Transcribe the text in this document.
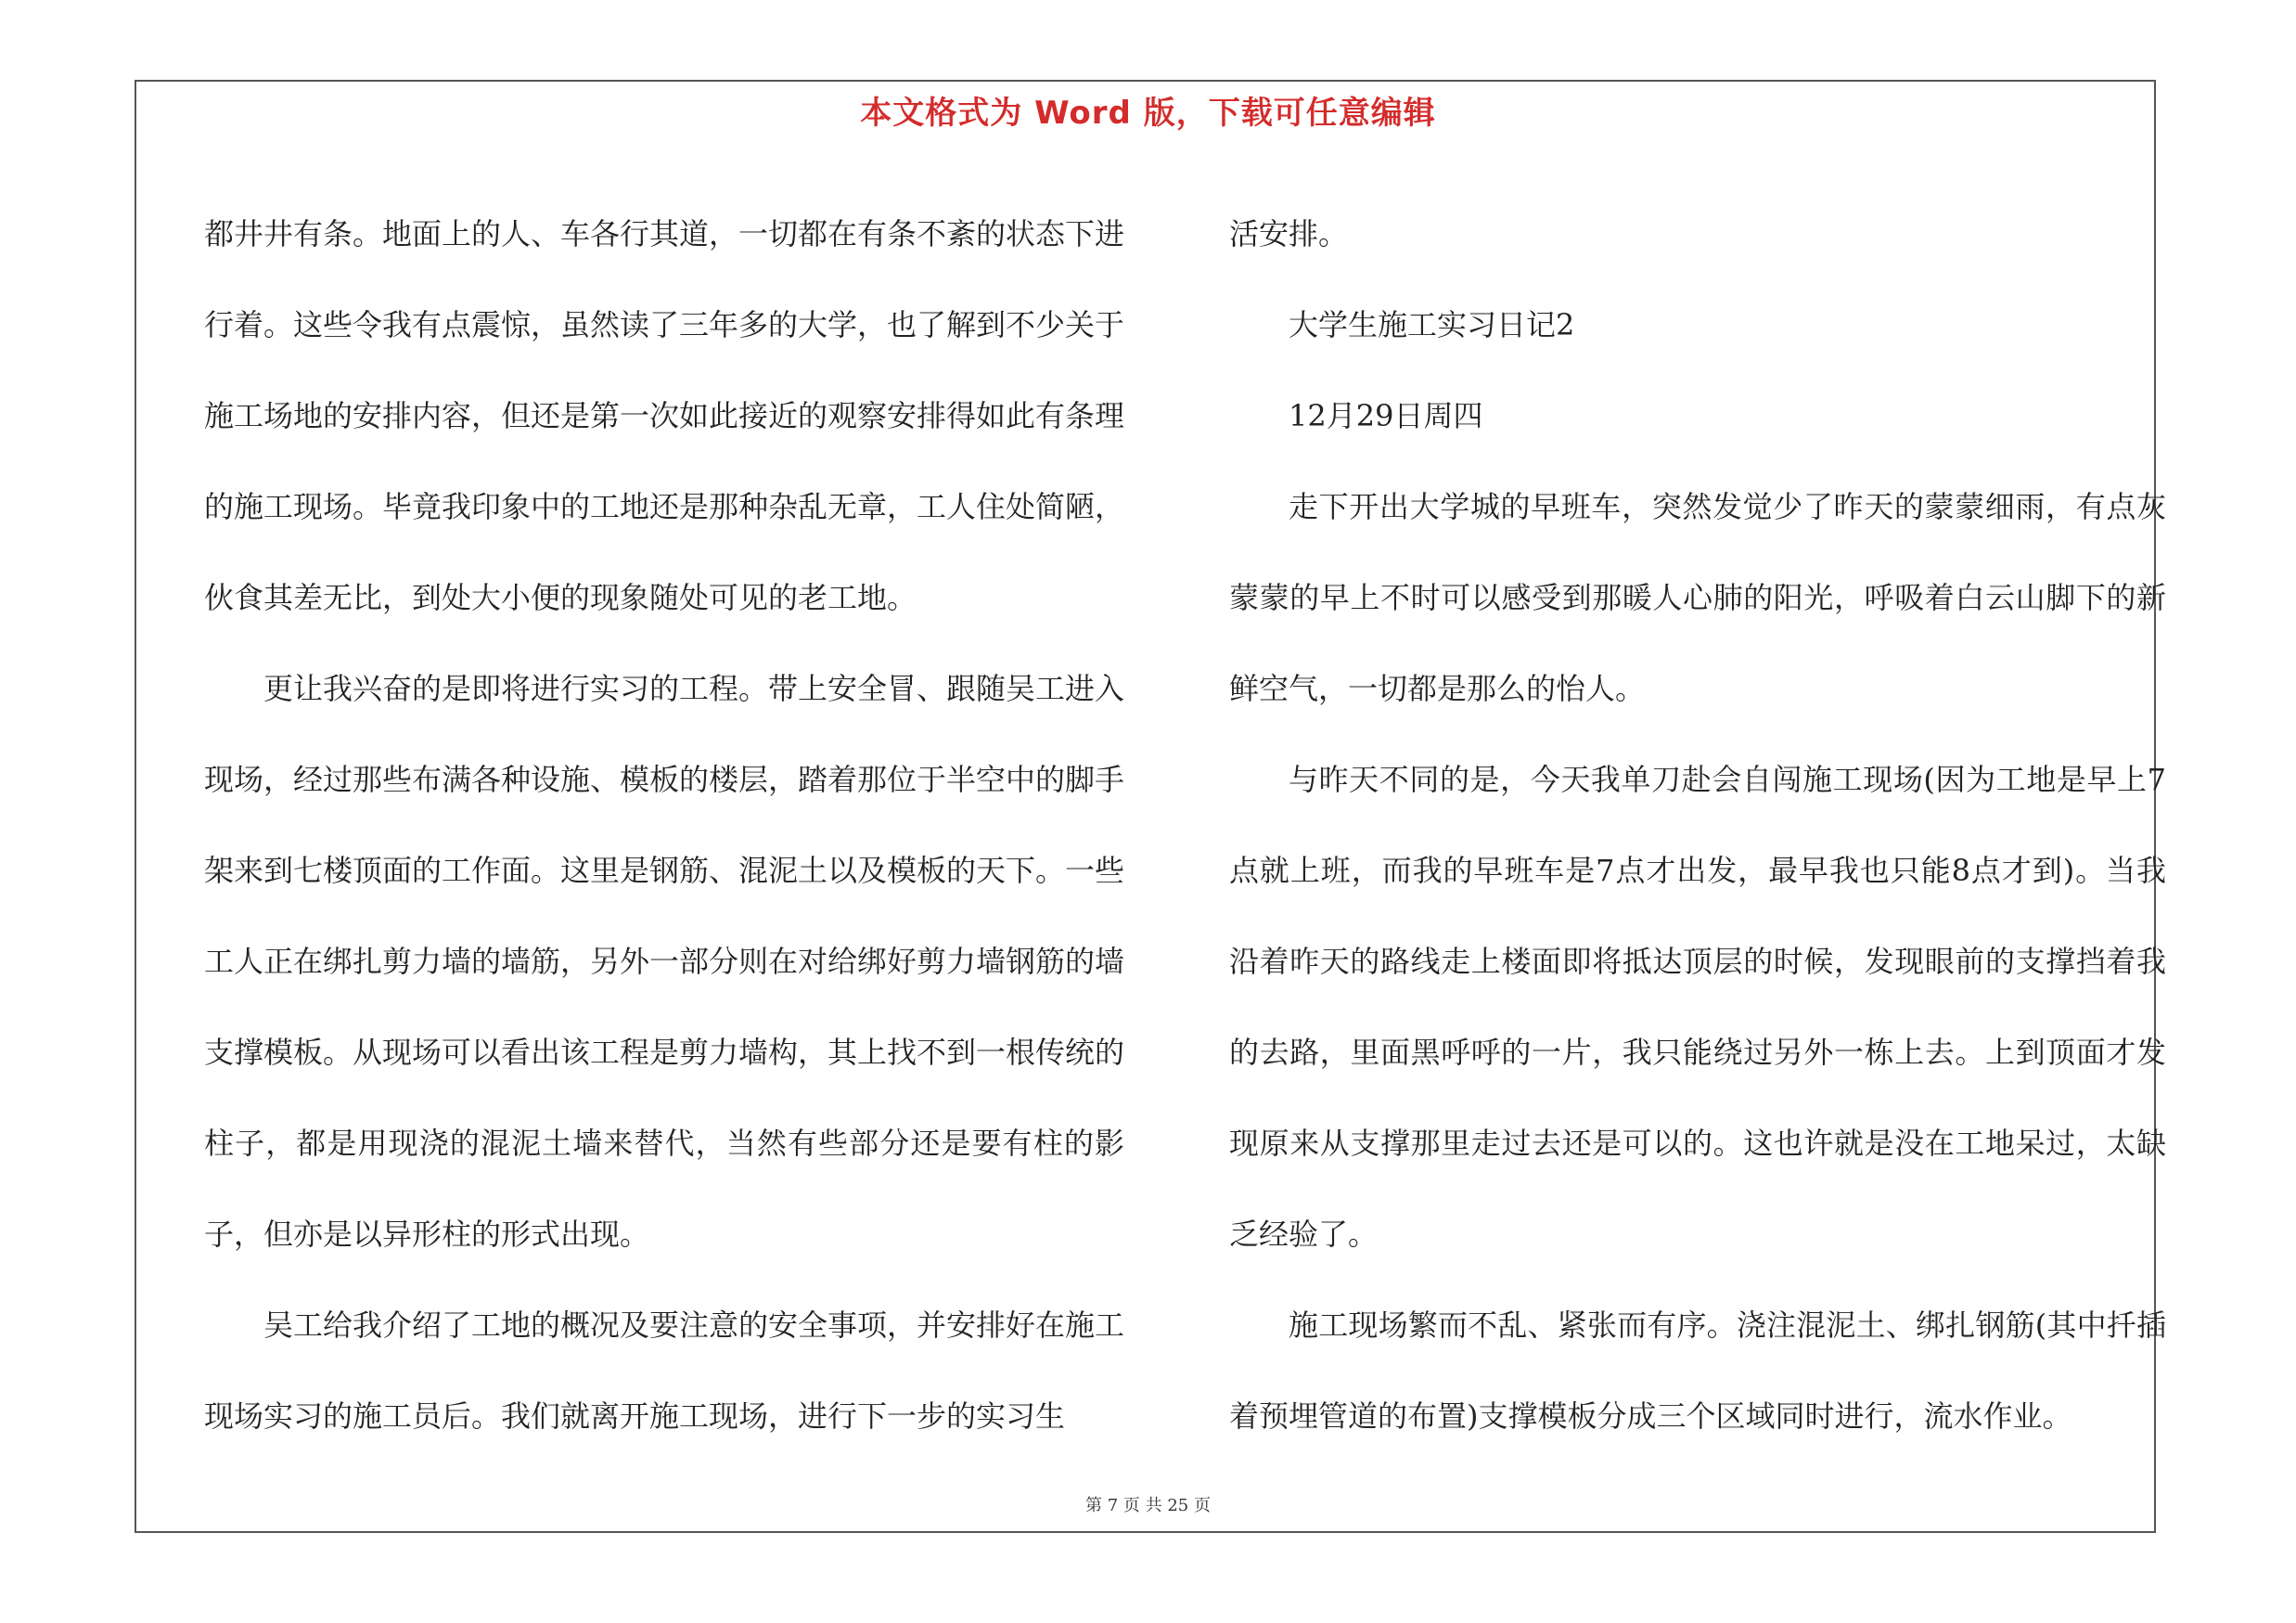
本文格式为 Word 版，下载可任意编辑

都井井有条。地面上的人、车各行其道，一切都在有条不紊的状态下进行着。这些令我有点震惊，虽然读了三年多的大学，也了解到不少关于施工场地的安排内容，但还是第一次如此接近的观察安排得如此有条理的施工现场。毕竟我印象中的工地还是那种杂乱无章，工人住处简陋，伙食其差无比，到处大小便的现象随处可见的老工地。

更让我兴奋的是即将进行实习的工程。带上安全冒、跟随吴工进入现场，经过那些布满各种设施、模板的楼层，踏着那位于半空中的脚手架来到七楼顶面的工作面。这里是钢筋、混泥土以及模板的天下。一些工人正在绑扎剪力墙的墙筋，另外一部分则在对给绑好剪力墙钢筋的墙支撑模板。从现场可以看出该工程是剪力墙构，其上找不到一根传统的柱子，都是用现浇的混泥土墙来替代，当然有些部分还是要有柱的影子，但亦是以异形柱的形式出现。

吴工给我介绍了工地的概况及要注意的安全事项，并安排好在施工现场实习的施工员后。我们就离开施工现场，进行下一步的实习生

活安排。

大学生施工实习日记2

12月29日周四

走下开出大学城的早班车，突然发觉少了昨天的蒙蒙细雨，有点灰蒙蒙的早上不时可以感受到那暖人心肺的阳光，呼吸着白云山脚下的新鲜空气，一切都是那么的怡人。

与昨天不同的是，今天我单刀赴会自闯施工现场(因为工地是早上7点就上班，而我的早班车是7点才出发，最早我也只能8点才到)。当我沿着昨天的路线走上楼面即将抵达顶层的时候，发现眼前的支撑挡着我的去路，里面黑呼呼的一片，我只能绕过另外一栋上去。上到顶面才发现原来从支撑那里走过去还是可以的。这也许就是没在工地呆过，太缺乏经验了。

施工现场繁而不乱、紧张而有序。浇注混泥土、绑扎钢筋(其中扦插着预埋管道的布置)支撑模板分成三个区域同时进行，流水作业。

第 7 页 共 25 页
